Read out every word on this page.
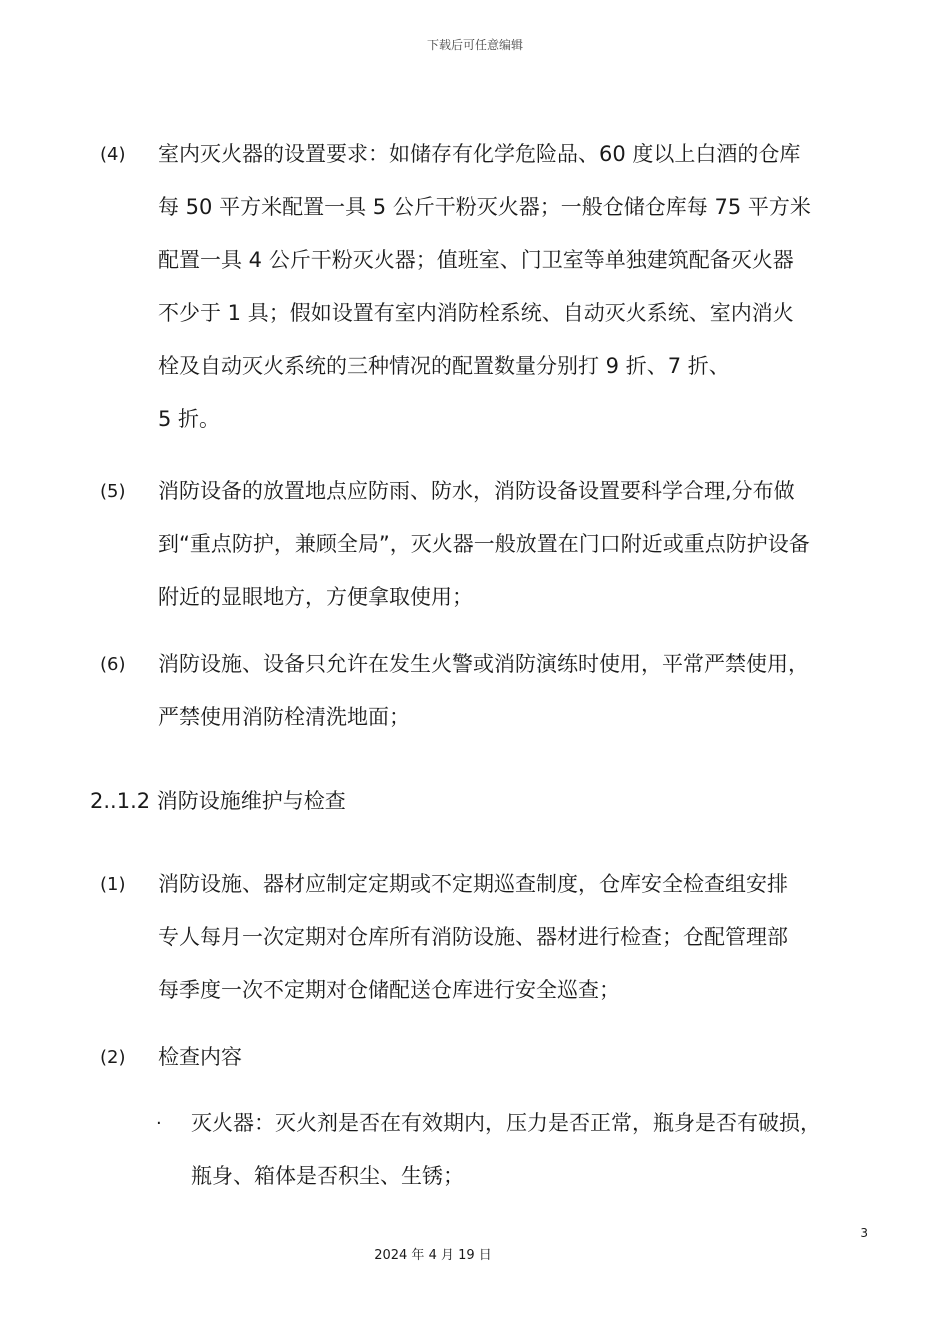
下载后可任意编辑
(4) 室内灭火器的设置要求：如储存有化学危险品、60 度以上白酒的仓库
每 50 平方米配置一具 5 公斤干粉灭火器；一般仓储仓库每 75 平方米
配置一具 4 公斤干粉灭火器；值班室、门卫室等单独建筑配备灭火器
不少于 1 具；假如设置有室内消防栓系统、自动灭火系统、室内消火
栓及自动灭火系统的三种情况的配置数量分别打 9 折、7 折、
5 折。
(5) 消防设备的放置地点应防雨、防水，消防设备设置要科学合理,分布做
到“重点防护，兼顾全局”，灭火器一般放置在门口附近或重点防护设备
附近的显眼地方，方便拿取使用；
(6) 消防设施、设备只允许在发生火警或消防演练时使用，平常严禁使用，
严禁使用消防栓清洗地面；
2..1.2 消防设施维护与检查
(1) 消防设施、器材应制定定期或不定期巡查制度，仓库安全检查组安排
专人每月一次定期对仓库所有消防设施、器材进行检查；仓配管理部
每季度一次不定期对仓储配送仓库进行安全巡查；
(2) 检查内容
· 灭火器：灭火剂是否在有效期内，压力是否正常，瓶身是否有破损，
瓶身、箱体是否积尘、生锈；
3
2024 年 4 月 19 日
